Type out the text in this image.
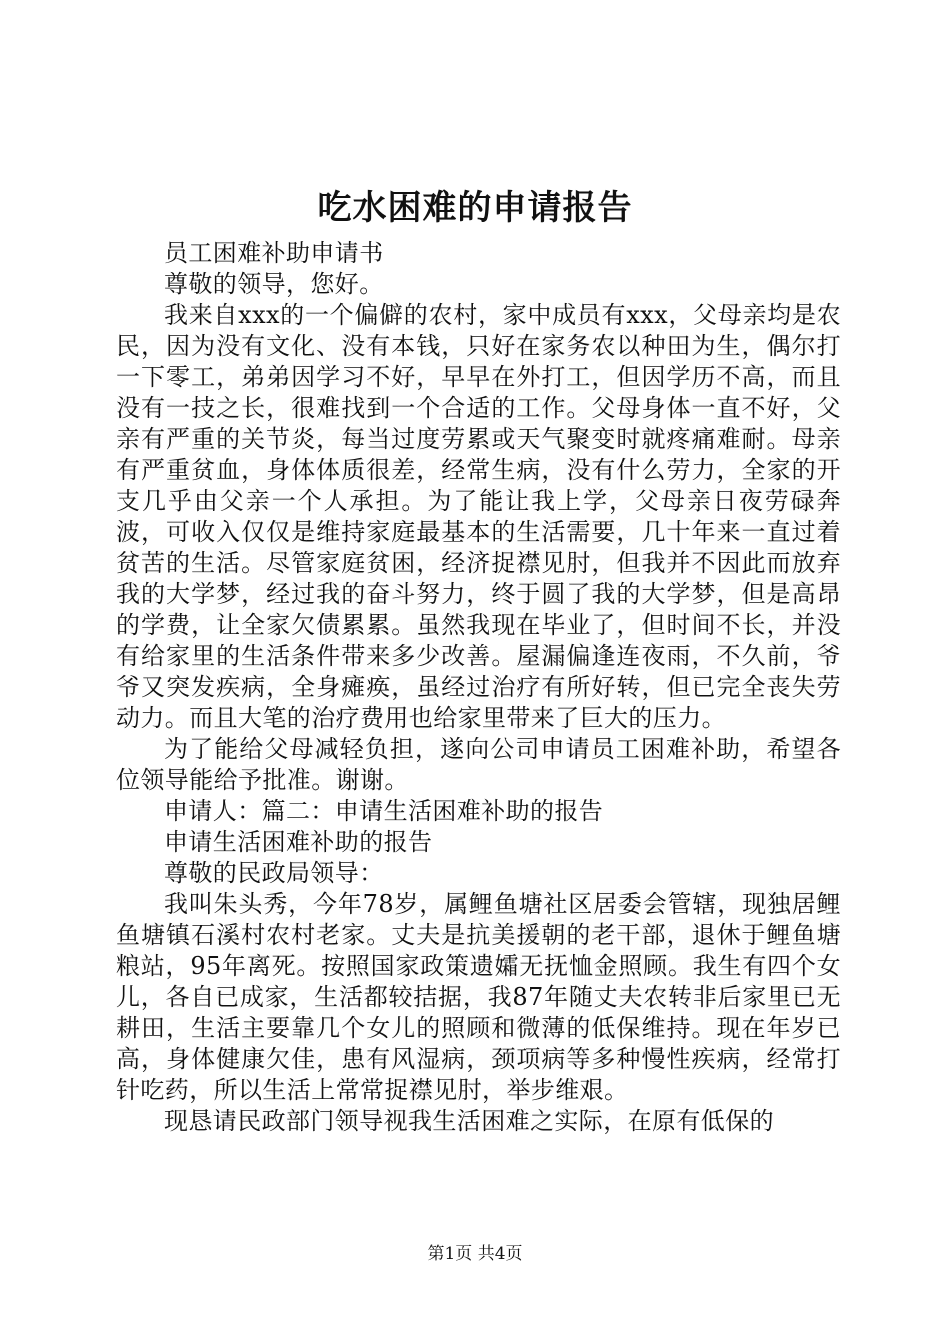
吃水困难的申请报告

员工困难补助申请书

尊敬的领导，您好。

我来自xxx的一个偏僻的农村，家中成员有xxx，父母亲均是农民，因为没有文化、没有本钱，只好在家务农以种田为生，偶尔打一下零工，弟弟因学习不好，早早在外打工，但因学历不高，而且没有一技之长，很难找到一个合适的工作。父母身体一直不好，父亲有严重的关节炎，每当过度劳累或天气聚变时就疼痛难耐。母亲有严重贫血，身体体质很差，经常生病，没有什么劳力，全家的开支几乎由父亲一个人承担。为了能让我上学，父母亲日夜劳碌奔波，可收入仅仅是维持家庭最基本的生活需要，几十年来一直过着贫苦的生活。尽管家庭贫困，经济捉襟见肘，但我并不因此而放弃我的大学梦，经过我的奋斗努力，终于圆了我的大学梦，但是高昂的学费，让全家欠债累累。虽然我现在毕业了，但时间不长，并没有给家里的生活条件带来多少改善。屋漏偏逢连夜雨，不久前，爷爷又突发疾病，全身瘫痪，虽经过治疗有所好转，但已完全丧失劳动力。而且大笔的治疗费用也给家里带来了巨大的压力。

为了能给父母减轻负担，遂向公司申请员工困难补助，希望各位领导能给予批准。谢谢。

申请人：篇二：申请生活困难补助的报告

申请生活困难补助的报告

尊敬的民政局领导：

我叫朱头秀，今年78岁，属鲤鱼塘社区居委会管辖，现独居鲤鱼塘镇石溪村农村老家。丈夫是抗美援朝的老干部，退休于鲤鱼塘粮站，95年离死。按照国家政策遗孀无抚恤金照顾。我生有四个女儿，各自已成家，生活都较拮据，我87年随丈夫农转非后家里已无耕田，生活主要靠几个女儿的照顾和微薄的低保维持。现在年岁已高，身体健康欠佳，患有风湿病，颈项病等多种慢性疾病，经常打针吃药，所以生活上常常捉襟见肘，举步维艰。

现恳请民政部门领导视我生活困难之实际，在原有低保的

第1页 共4页
